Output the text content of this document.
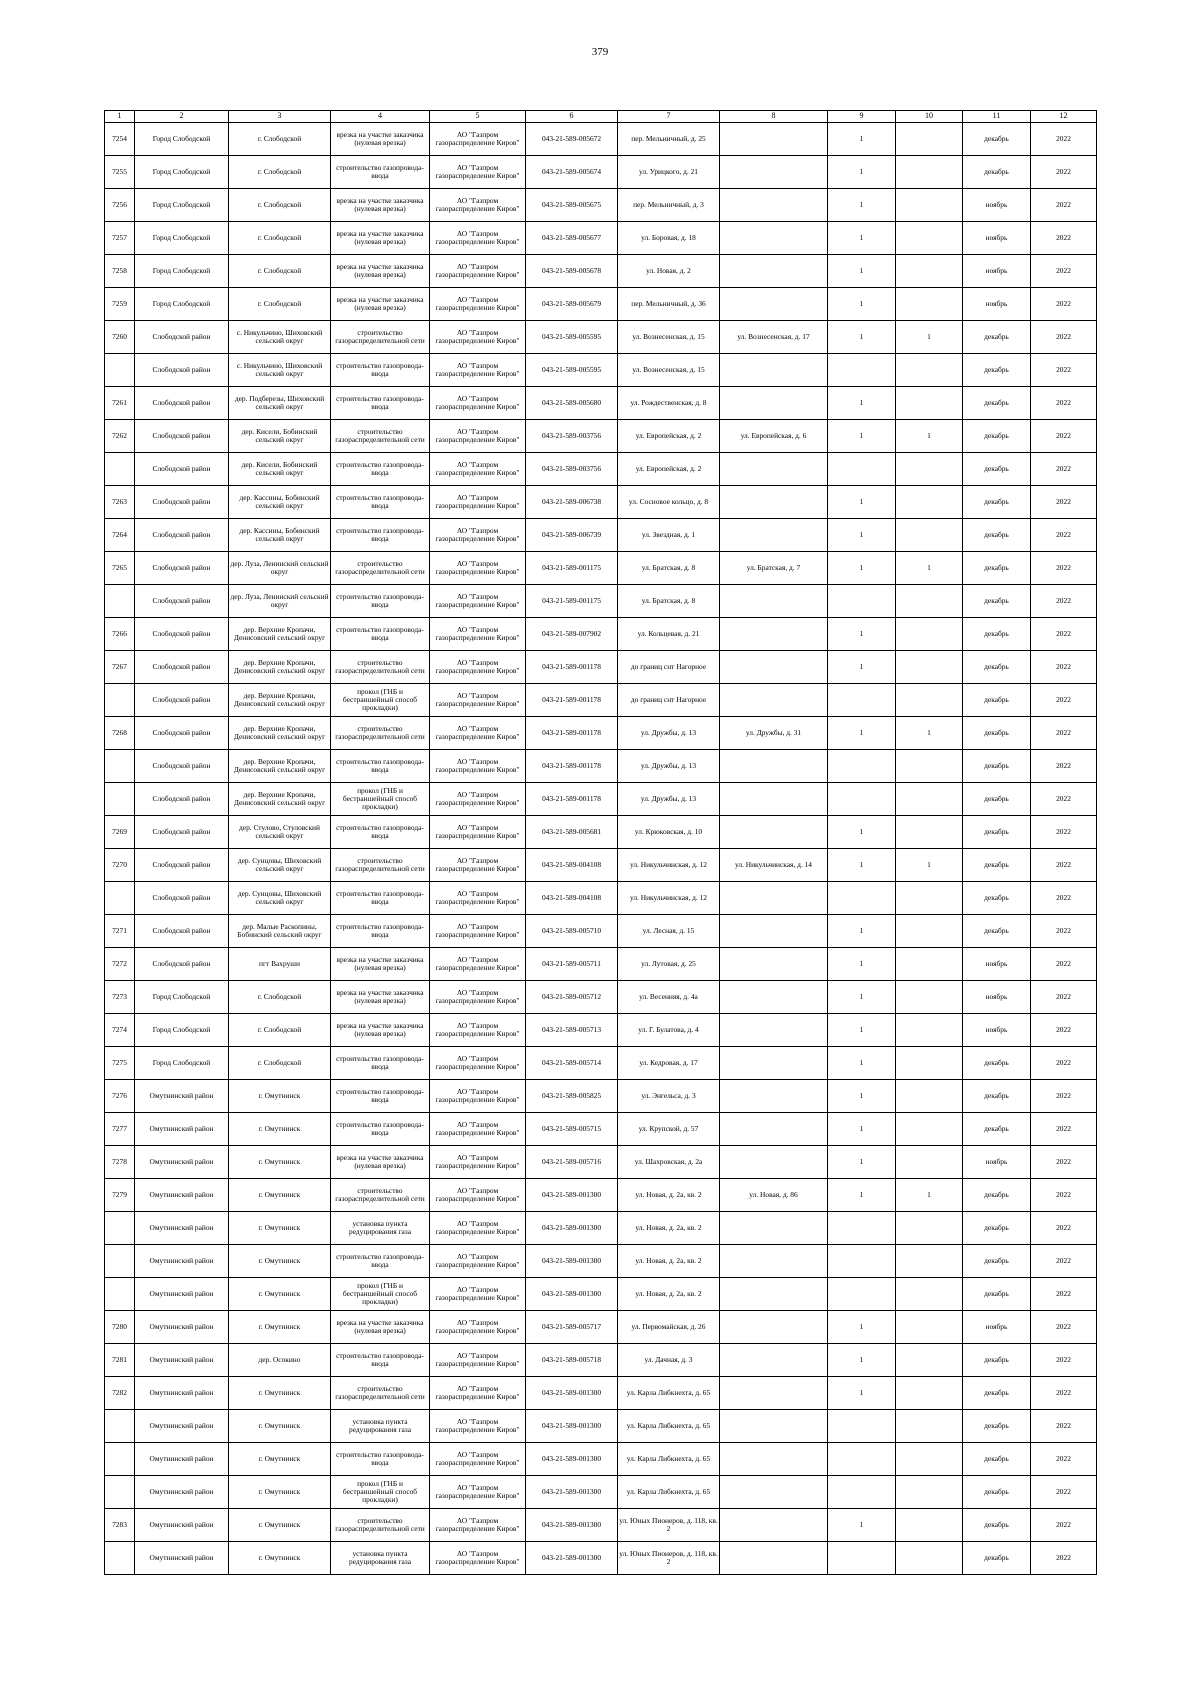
379
1	2	3	4	5	6	7	8	9	10	11	12

7254	Город Слободской	г. Слободской	врезка на участке заказчика (нулевая врезка)	АО "Газпром газораспределение Киров"	043-21-589-005672	пер. Мельничный, д. 25		1		декабрь	2022

7255	Город Слободской	г. Слободской	строительство газопровода-ввода	АО "Газпром газораспределение Киров"	043-21-589-005674	ул. Урицкого, д. 21		1		декабрь	2022

7256	Город Слободской	г. Слободской	врезка на участке заказчика (нулевая врезка)	АО "Газпром газораспределение Киров"	043-21-589-005675	пер. Мельничный, д. 3		1		ноябрь	2022

7257	Город Слободской	г. Слободской	врезка на участке заказчика (нулевая врезка)	АО "Газпром газораспределение Киров"	043-21-589-005677	ул. Боровая, д. 18		1		ноябрь	2022

7258	Город Слободской	г. Слободской	врезка на участке заказчика (нулевая врезка)	АО "Газпром газораспределение Киров"	043-21-589-005678	ул. Новая, д. 2		1		ноябрь	2022

7259	Город Слободской	г. Слободской	врезка на участке заказчика (нулевая врезка)	АО "Газпром газораспределение Киров"	043-21-589-005679	пер. Мельничный, д. 36		1		ноябрь	2022

7260	Слободской район	с. Никульчино, Шиховский сельский округ	строительство газораспределительной сети	АО "Газпром газораспределение Киров"	043-21-589-005595	ул. Вознесенская, д. 15	ул. Вознесенская, д. 17	1	1	декабрь	2022

	Слободской район	с. Никульчино, Шиховский сельский округ	строительство газопровода-ввода	АО "Газпром газораспределение Киров"	043-21-589-005595	ул. Вознесенская, д. 15				декабрь	2022

7261	Слободской район	дер. Подберезы, Шиховский сельский округ	строительство газопровода-ввода	АО "Газпром газораспределение Киров"	043-21-589-005680	ул. Рождественская, д. 8		1		декабрь	2022

7262	Слободской район	дер. Кисели, Бобинский сельский округ	строительство газораспределительной сети	АО "Газпром газораспределение Киров"	043-21-589-003756	ул. Европейская, д. 2	ул. Европейская, д. 6	1	1	декабрь	2022

	Слободской район	дер. Кисели, Бобинский сельский округ	строительство газопровода-ввода	АО "Газпром газораспределение Киров"	043-21-589-003756	ул. Европейская, д. 2				декабрь	2022

7263	Слободской район	дер. Кассины, Бобинский сельский округ	строительство газопровода-ввода	АО "Газпром газораспределение Киров"	043-21-589-006738	ул. Сосновое кольцо, д. 8		1		декабрь	2022

7264	Слободской район	дер. Кассины, Бобинский сельский округ	строительство газопровода-ввода	АО "Газпром газораспределение Киров"	043-21-589-006739	ул. Звездная, д. 1		1		декабрь	2022

7265	Слободской район	дер. Луза, Ленинский сельский округ	строительство газораспределительной сети	АО "Газпром газораспределение Киров"	043-21-589-001175	ул. Братская, д. 8	ул. Братская, д. 7	1	1	декабрь	2022

	Слободской район	дер. Луза, Ленинский сельский округ	строительство газопровода-ввода	АО "Газпром газораспределение Киров"	043-21-589-001175	ул. Братская, д. 8				декабрь	2022

7266	Слободской район	дер. Верхние Кропачи, Денисовский сельский округ	строительство газопровода-ввода	АО "Газпром газораспределение Киров"	043-21-589-007902	ул. Кольцевая, д. 21		1		декабрь	2022

7267	Слободской район	дер. Верхние Кропачи, Денисовский сельский округ	строительство газораспределительной сети	АО "Газпром газораспределение Киров"	043-21-589-001178	до границ снт Нагорное		1		декабрь	2022

	Слободской район	дер. Верхние Кропачи, Денисовский сельский округ	прокол (ГНБ и бестраншейный способ прокладки)	АО "Газпром газораспределение Киров"	043-21-589-001178	до границ снт Нагорное				декабрь	2022

7268	Слободской район	дер. Верхние Кропачи, Денисовский сельский округ	строительство газораспределительной сети	АО "Газпром газораспределение Киров"	043-21-589-001178	ул. Дружбы, д. 13	ул. Дружбы, д. 31	1	1	декабрь	2022

	Слободской район	дер. Верхние Кропачи, Денисовский сельский округ	строительство газопровода-ввода	АО "Газпром газораспределение Киров"	043-21-589-001178	ул. Дружбы, д. 13				декабрь	2022

	Слободской район	дер. Верхние Кропачи, Денисовский сельский округ	прокол (ГНБ и бестраншейный способ прокладки)	АО "Газпром газораспределение Киров"	043-21-589-001178	ул. Дружбы, д. 13				декабрь	2022

7269	Слободской район	дер. Стулово, Стуловский сельский округ	строительство газопровода-ввода	АО "Газпром газораспределение Киров"	043-21-589-005681	ул. Крюковская, д. 10		1		декабрь	2022

7270	Слободской район	дер. Сунцовы, Шиховский сельский округ	строительство газораспределительной сети	АО "Газпром газораспределение Киров"	043-21-589-004108	ул. Никульчинская, д. 12	ул. Никульчинская, д. 14	1	1	декабрь	2022

	Слободской район	дер. Сунцовы, Шиховский сельский округ	строительство газопровода-ввода	АО "Газпром газораспределение Киров"	043-21-589-004108	ул. Никульчинская, д. 12				декабрь	2022

7271	Слободской район	дер. Малые Раскопины, Бобинский сельский округ	строительство газопровода-ввода	АО "Газпром газораспределение Киров"	043-21-589-005710	ул. Лесная, д. 15		1		декабрь	2022

7272	Слободской район	пгт Вахруши	врезка на участке заказчика (нулевая врезка)	АО "Газпром газораспределение Киров"	043-21-589-005711	ул. Лутовая, д. 25		1		ноябрь	2022

7273	Город Слободской	г. Слободской	врезка на участке заказчика (нулевая врезка)	АО "Газпром газораспределение Киров"	043-21-589-005712	ул. Весенняя, д. 4а		1		ноябрь	2022

7274	Город Слободской	г. Слободской	врезка на участке заказчика (нулевая врезка)	АО "Газпром газораспределение Киров"	043-21-589-005713	ул. Г. Булатова, д. 4		1		ноябрь	2022

7275	Город Слободской	г. Слободской	строительство газопровода-ввода	АО "Газпром газораспределение Киров"	043-21-589-005714	ул. Кедровая, д. 17		1		декабрь	2022

7276	Омутнинский район	г. Омутнинск	строительство газопровода-ввода	АО "Газпром газораспределение Киров"	043-21-589-005825	ул. Энгельса, д. 3		1		декабрь	2022

7277	Омутнинский район	г. Омутнинск	строительство газопровода-ввода	АО "Газпром газораспределение Киров"	043-21-589-005715	ул. Крупской, д. 57		1		декабрь	2022

7278	Омутнинский район	г. Омутнинск	врезка на участке заказчика (нулевая врезка)	АО "Газпром газораспределение Киров"	043-21-589-005716	ул. Шахровская, д. 2а		1		ноябрь	2022

7279	Омутнинский район	г. Омутнинск	строительство газораспределительной сети	АО "Газпром газораспределение Киров"	043-21-589-001300	ул. Новая, д. 2а, кв. 2	ул. Новая, д. 86	1	1	декабрь	2022

	Омутнинский район	г. Омутнинск	установка пункта редуцирования газа	АО "Газпром газораспределение Киров"	043-21-589-001300	ул. Новая, д. 2а, кв. 2				декабрь	2022

	Омутнинский район	г. Омутнинск	строительство газопровода-ввода	АО "Газпром газораспределение Киров"	043-21-589-001300	ул. Новая, д. 2а, кв. 2				декабрь	2022

	Омутнинский район	г. Омутнинск	прокол (ГНБ и бестраншейный способ прокладки)	АО "Газпром газораспределение Киров"	043-21-589-001300	ул. Новая, д. 2а, кв. 2				декабрь	2022

7280	Омутнинский район	г. Омутнинск	врезка на участке заказчика (нулевая врезка)	АО "Газпром газораспределение Киров"	043-21-589-005717	ул. Первомайская, д. 26		1		ноябрь	2022

7281	Омутнинский район	дер. Осокино	строительство газопровода-ввода	АО "Газпром газораспределение Киров"	043-21-589-005718	ул. Дачная, д. 3		1		декабрь	2022

7282	Омутнинский район	г. Омутнинск	строительство газораспределительной сети	АО "Газпром газораспределение Киров"	043-21-589-001300	ул. Карла Либкнехта, д. 65		1		декабрь	2022

	Омутнинский район	г. Омутнинск	установка пункта редуцирования газа	АО "Газпром газораспределение Киров"	043-21-589-001300	ул. Карла Либкнехта, д. 65				декабрь	2022

	Омутнинский район	г. Омутнинск	строительство газопровода-ввода	АО "Газпром газораспределение Киров"	043-21-589-001300	ул. Карла Либкнехта, д. 65				декабрь	2022

	Омутнинский район	г. Омутнинск	прокол (ГНБ и бестраншейный способ прокладки)	АО "Газпром газораспределение Киров"	043-21-589-001300	ул. Карла Либкнехта, д. 65				декабрь	2022

7283	Омутнинский район	г. Омутнинск	строительство газораспределительной сети	АО "Газпром газораспределение Киров"	043-21-589-001300	ул. Юных Пионеров, д. 118, кв. 2		1		декабрь	2022

	Омутнинский район	г. Омутнинск	установка пункта редуцирования газа	АО "Газпром газораспределение Киров"	043-21-589-001300	ул. Юных Пионеров, д. 118, кв. 2				декабрь	2022
